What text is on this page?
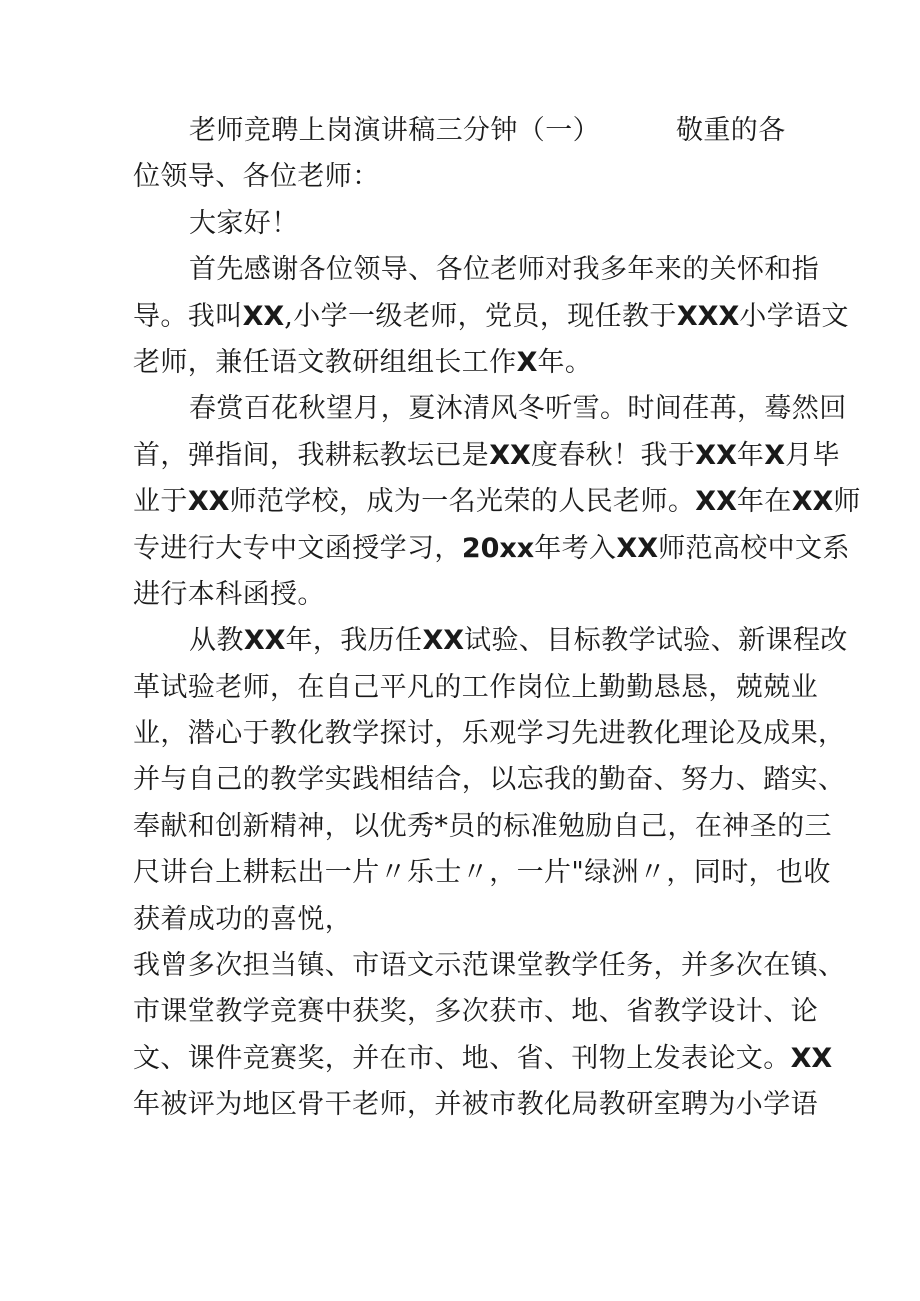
老师竞聘上岗演讲稿三分钟（一）	敬重的各
位领导、各位老师：
大家好！
首先感谢各位领导、各位老师对我多年来的关怀和指
导。我叫XX,小学一级老师，党员，现任教于XXX小学语文
老师，兼任语文教研组组长工作X年。
春赏百花秋望月，夏沐清风冬听雪。时间荏苒，蓦然回
首，弹指间，我耕耘教坛已是XX度春秋！我于XX年X月毕
业于XX师范学校，成为一名光荣的人民老师。XX年在XX师
专进行大专中文函授学习，20xx年考入XX师范高校中文系
进行本科函授。
从教XX年，我历任XX试验、目标教学试验、新课程改
革试验老师，在自己平凡的工作岗位上勤勤恳恳，兢兢业
业，潜心于教化教学探讨，乐观学习先进教化理论及成果，
并与自己的教学实践相结合，以忘我的勤奋、努力、踏实、
奉献和创新精神，以优秀*员的标准勉励自己，在神圣的三
尺讲台上耕耘出一片〃乐士〃，一片"绿洲〃，同时，也收
获着成功的喜悦，
我曾多次担当镇、市语文示范课堂教学任务，并多次在镇、
市课堂教学竞赛中获奖，多次获市、地、省教学设计、论
文、课件竞赛奖，并在市、地、省、刊物上发表论文。XX
年被评为地区骨干老师，并被市教化局教研室聘为小学语
